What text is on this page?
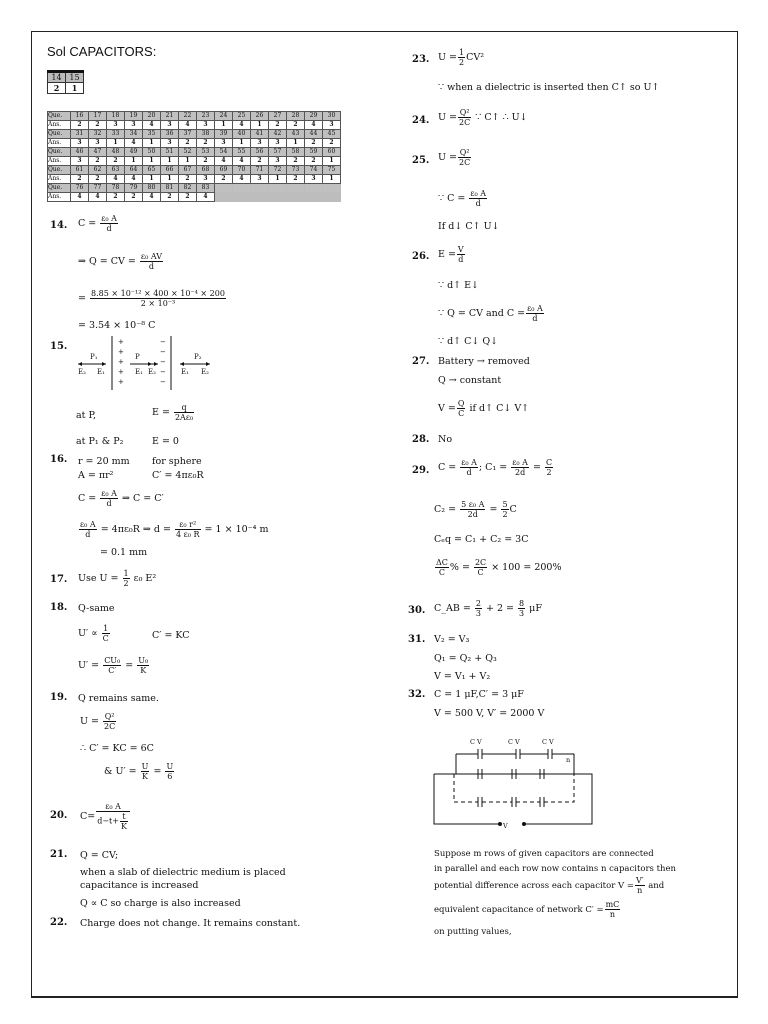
Sol CAPACITORS:
14	15
2	1
Que.	16	17	18	19	20	21	22	23	24	25	26	27	28	29	30
Ans.	2	2	3	3	4	3	4	3	1	4	1	2	2	4	3
Que.	31	32	33	34	35	36	37	38	39	40	41	42	43	44	45
Ans.	3	3	1	4	1	3	2	2	3	1	3	3	1	2	2
Que.	46	47	48	49	50	51	52	53	54	55	56	57	58	59	60
Ans.	3	2	2	1	1	1	1	2	4	4	2	3	2	2	1
Que.	61	62	63	64	65	66	67	68	69	70	71	72	73	74	75
Ans.	2	2	4	4	1	1	2	3	2	4	3	1	2	3	1
Que.	76	77	78	79	80	81	82	83							
Ans.	4	4	2	2	4	2	2	4							
14. $C = \frac{\text{ε₀ A}}{d}$
⇒ Q = CV = $\frac{\text{ε₀ AV}}{d}$
= $\frac{\text{8.85 × 10⁻¹² × 400 × 10⁻⁴ × 200}}{\text{2 × 10⁻³}}$
= 3.54 × 10⁻⁸ C
15.	+
+
+
+
+
−
−
−
−
−
P₁	P	P₂
E₂ E₁	E₁ E₂	E₁ E₂
at P,	$E = \frac{q}{\text{2Aε₀}}$
at P₁ & P₂	E = 0
16. r = 20 mm for sphere
A = πr²	C′ = 4πε₀R
$C = \frac{\text{ε₀ A}}{d}$ ⇒ C = C′
$\frac{\text{ε₀ A}}{d} = 4\pi\varepsilon_0R$ ⇒ $d = \frac{\text{ε₀ r²}}{\text{4 ε₀ R}} = 1 \times 10^{-4}$ m
= 0.1 mm
17. Use $U = \frac{1}{2} \varepsilon_0$ E²
18. Q-same
$U' \propto \frac{1}{C}$	C′ = KC
$U' = \frac{\text{CU₀}}{C'} = \frac{\text{U₀}}{K}$
19. Q remains same.
$U = \frac{\text{Q²}}{2C}$
∴ C′ = KC = 6C
& $U' = \frac{U}{K} = \frac{U}{6}$
20. $C= \frac{\text{ε₀ A}}{d-t+ \frac{t}{K}}$
21. Q = CV;
when a slab of dielectric medium is placed
capacitance is increased
Q ∝ C so charge is also increased
22. Charge does not change. It remains constant.
23. $U = \frac{1}{2} CV^2$
∵ when a dielectric is inserted then C↑ so U↑
24. $U = \frac{\text{Q²}}{2C}$ ∵ C↑ ∴ U↓
25. $U = \frac{\text{Q²}}{2C}$
∵ $C = \frac{\text{ε₀ A}}{d}$
If d↓ C↑ U↓
26. $E = \frac{V}{d}$
∵ d↑ E↓
∵ Q = CV and $C = \frac{\text{ε₀ A}}{d}$
∵ d↑ C↓ Q↓
27. Battery → removed
Q → constant
$V = \frac{Q}{C}$ if d↑ C↓ V↑
28. No
29. $C = \frac{\text{ε₀ A}}{d}$ ; $C_1 = \frac{\text{ε₀ A}}{2d} = \frac{C}{2}$
$C_2 = \frac{\text{5 ε₀ A}}{2d} = \frac{5}{2}$ C
Cₑq = C₁ + C₂ = 3C
$\frac{\Delta C}{C}$ % = $\frac{2C}{C} \times 100 = 200\%$
30. C_AB = $\frac{2}{3} + 2 = \frac{8}{3}$ μF
31. V₂ = V₃
Q₁ = Q₂ + Q₃
V = V₁ + V₂
32. C = 1 μF,C′ = 3 μF
V = 500 V, V′ = 2000 V
C V	C V	C V
n
V
Suppose m rows of given capacitors are connected
in parallel and each row now contains n capacitors then
potential difference across each capacitor $V = \frac{V'}{n}$ and
equivalent capacitance of network $C' = \frac{mC}{n}$
on putting values,
